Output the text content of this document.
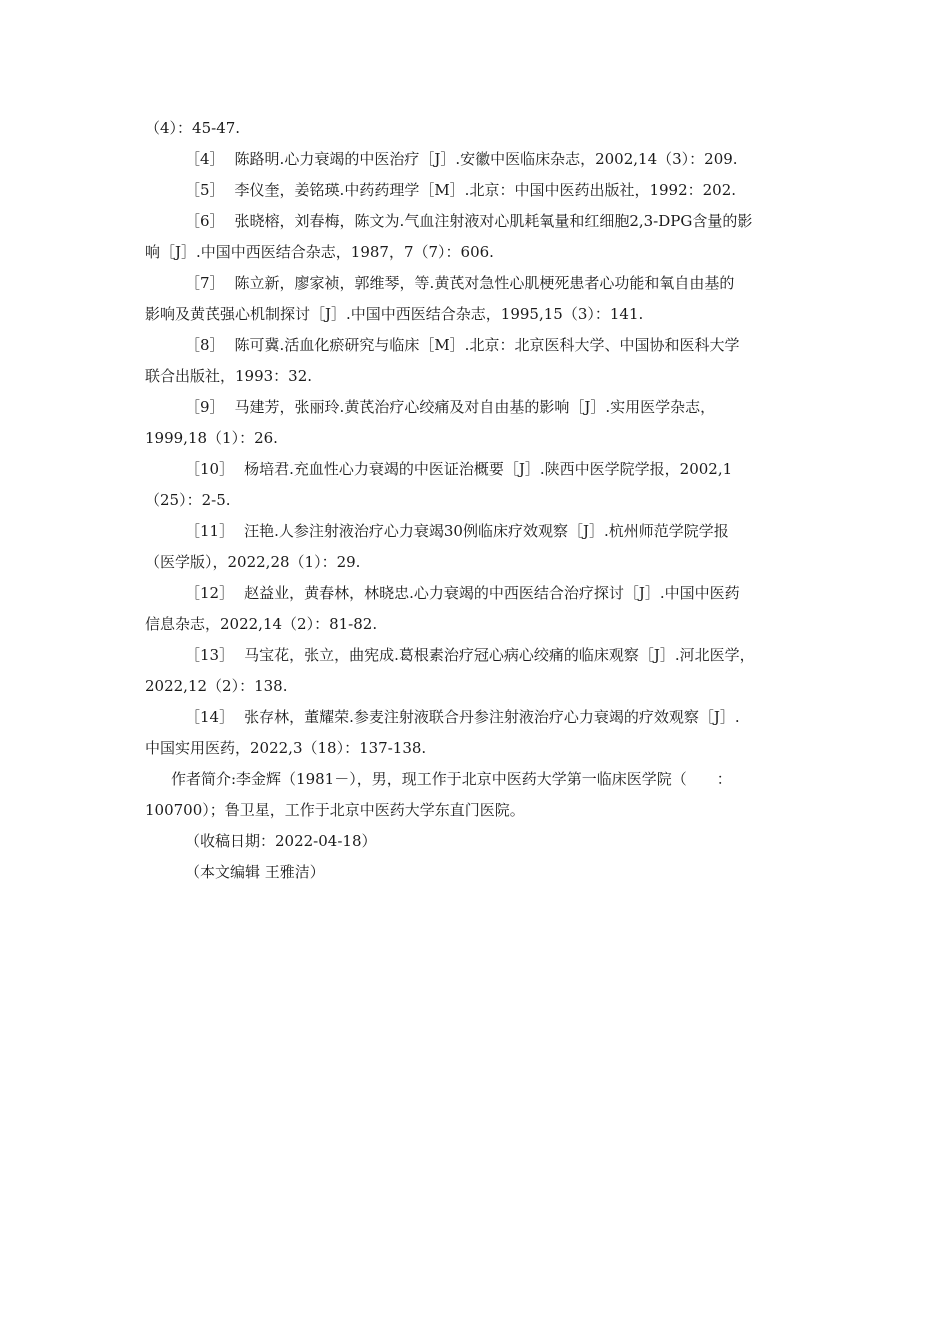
（4）：45-47.
［4］ 陈路明.心力衰竭的中医治疗［J］.安徽中医临床杂志，2002,14（3）：209.
［5］ 李仪奎，姜铭瑛.中药药理学［M］.北京：中国中医药出版社，1992：202.
［6］ 张晓榕，刘春梅，陈文为.气血注射液对心肌耗氧量和红细胞2,3-DPG含量的影
响［J］.中国中西医结合杂志，1987，7（7）：606.
［7］ 陈立新，廖家祯，郭维琴，等.黄芪对急性心肌梗死患者心功能和氧自由基的
影响及黄芪强心机制探讨［J］.中国中西医结合杂志，1995,15（3）：141.
［8］ 陈可冀.活血化瘀研究与临床［M］.北京：北京医科大学、中国协和医科大学
联合出版社，1993：32.
［9］ 马建芳，张丽玲.黄芪治疗心绞痛及对自由基的影响［J］.实用医学杂志，
1999,18（1）：26.
［10］ 杨培君.充血性心力衰竭的中医证治概要［J］.陕西中医学院学报，2002,1
（25）：2-5.
［11］ 汪艳.人参注射液治疗心力衰竭30例临床疗效观察［J］.杭州师范学院学报
（医学版），2022,28（1）：29.
［12］ 赵益业，黄春林，林晓忠.心力衰竭的中西医结合治疗探讨［J］.中国中医药
信息杂志，2022,14（2）：81-82.
［13］ 马宝花，张立，曲宪成.葛根素治疗冠心病心绞痛的临床观察［J］.河北医学，
2022,12（2）：138.
［14］ 张存林，董耀荣.参麦注射液联合丹参注射液治疗心力衰竭的疗效观察［J］.
中国实用医药，2022,3（18）：137-138.
作者简介:李金辉（1981－），男，现工作于北京中医药大学第一临床医学院（　　：
100700）；鲁卫星，工作于北京中医药大学东直门医院。
（收稿日期：2022-04-18）
（本文编辑 王雅洁）
